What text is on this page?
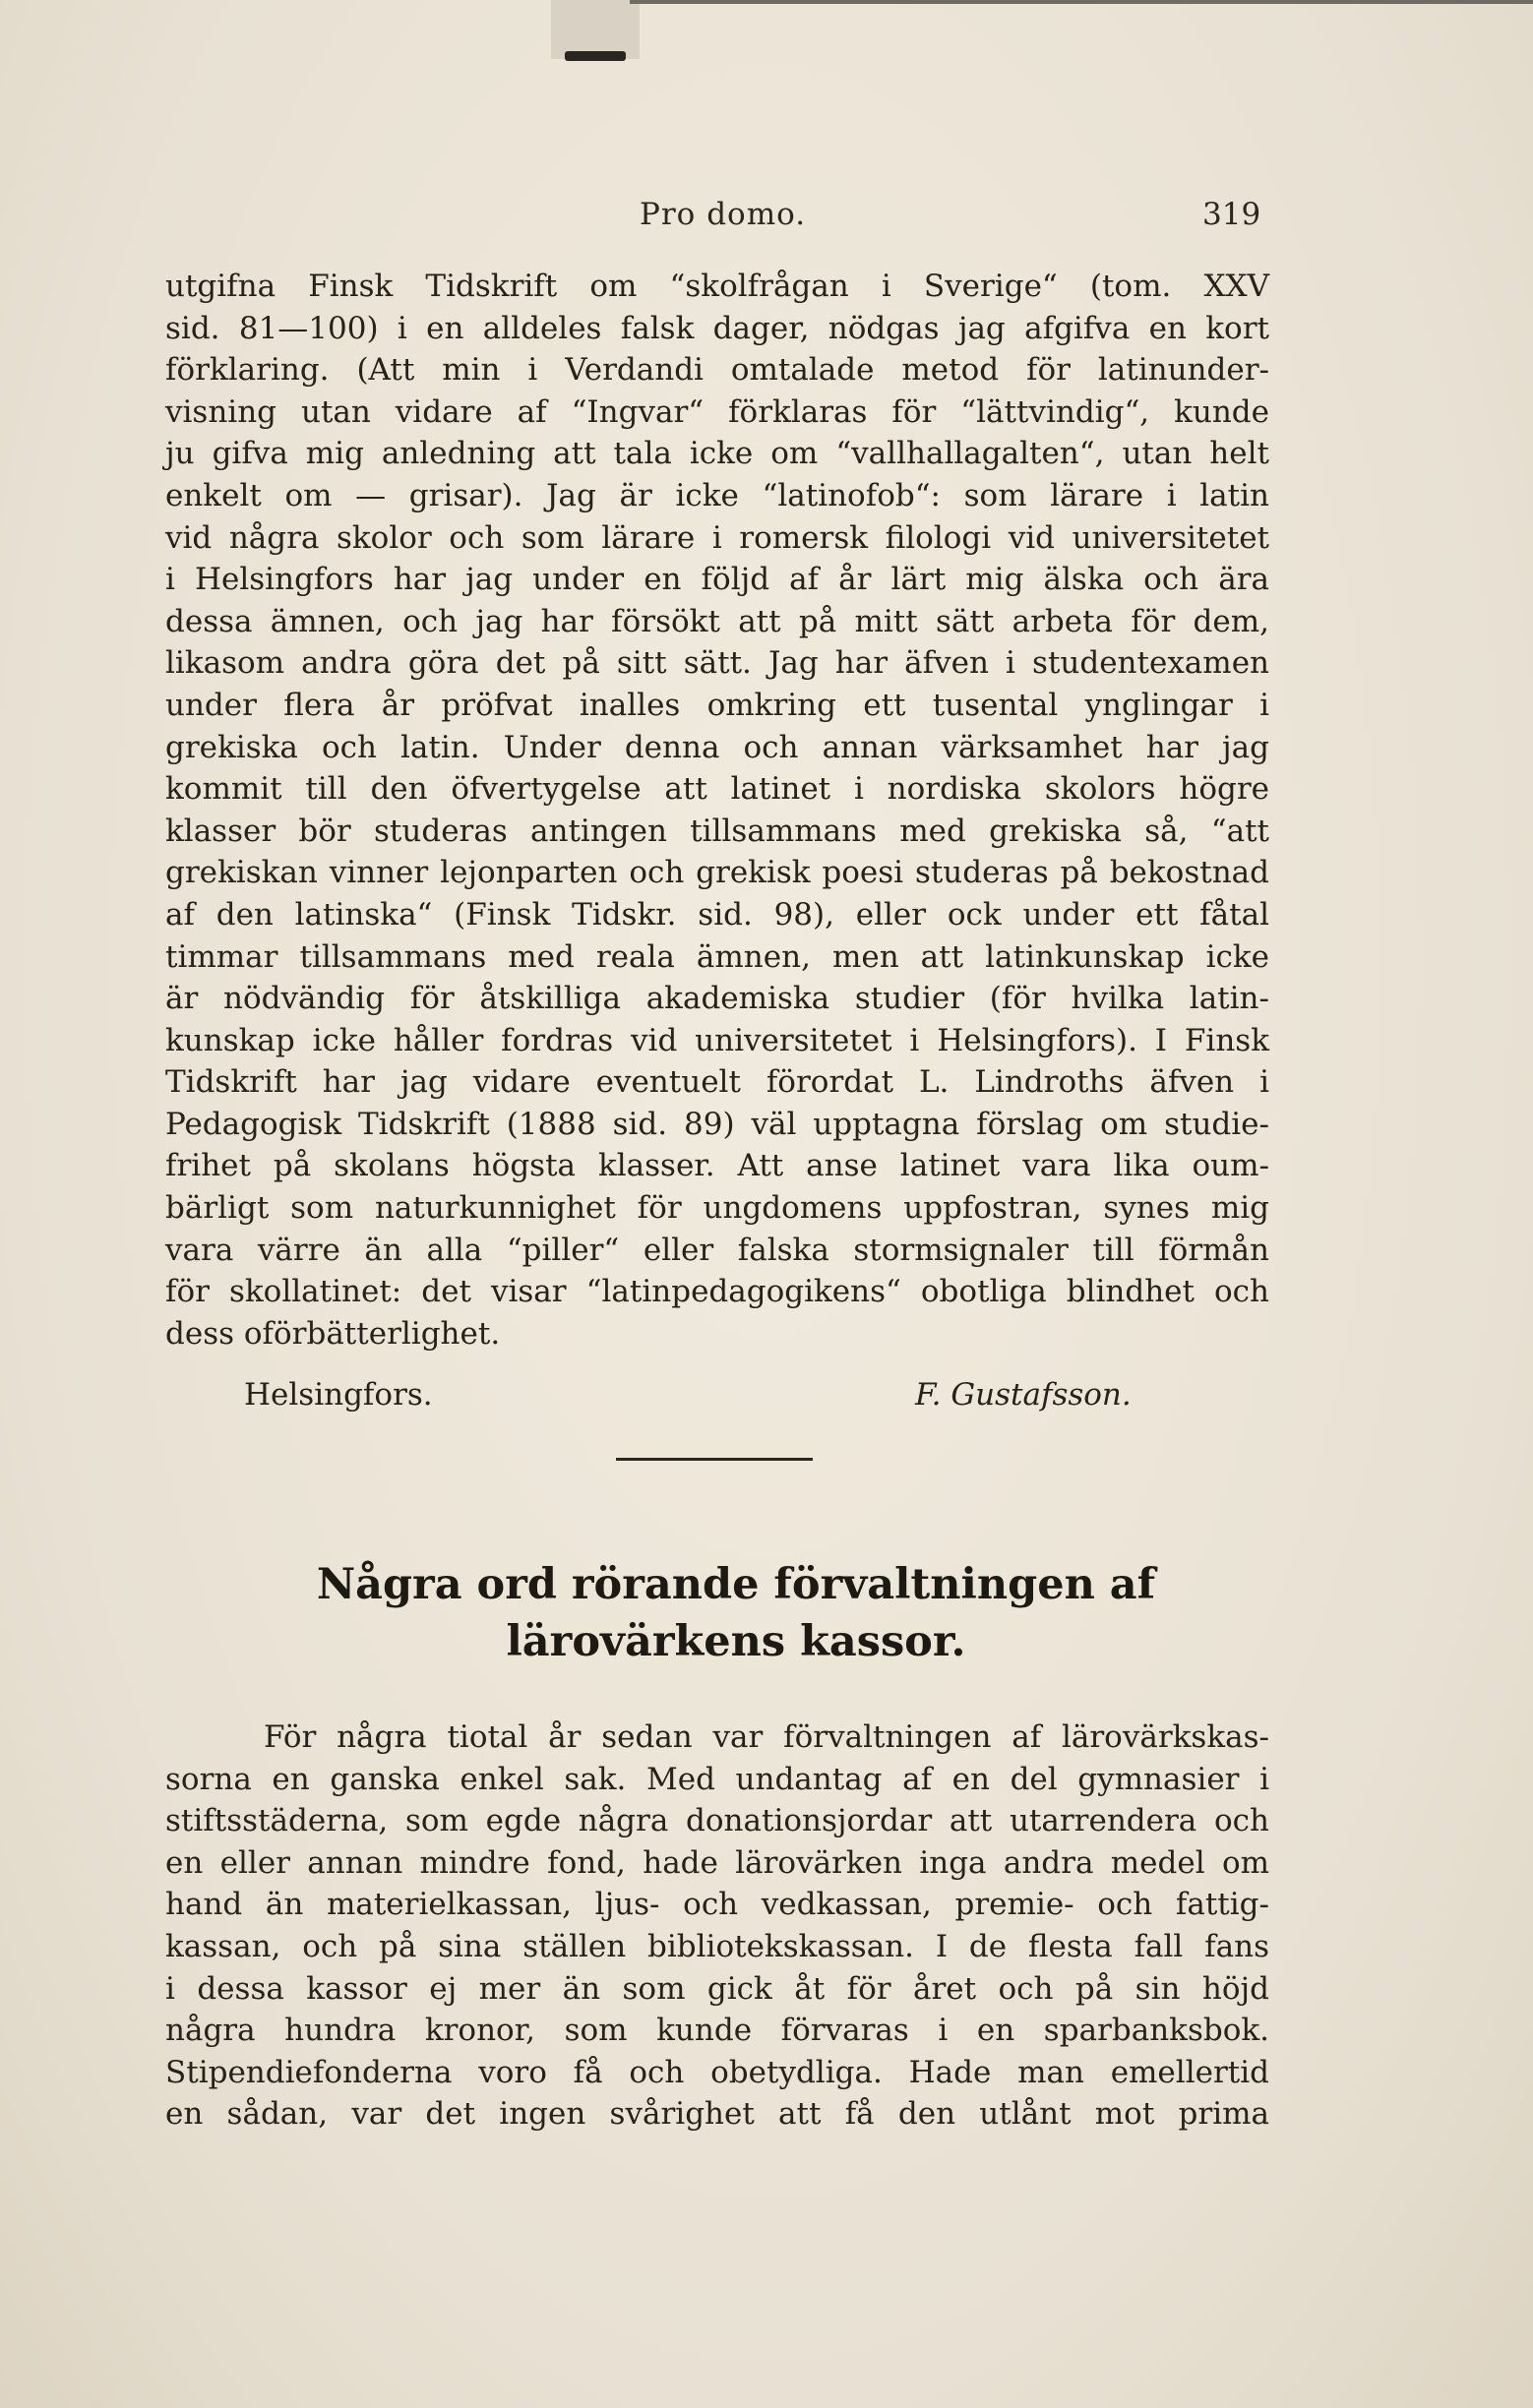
Pro domo.	319
utgifna Finsk Tidskrift om “skolfrågan i Sverige“ (tom. XXV
sid. 81—100) i en alldeles falsk dager, nödgas jag afgifva en kort
förklaring. (Att min i Verdandi omtalade metod för latinunder-
visning utan vidare af “Ingvar“ förklaras för “lättvindig“, kunde
ju gifva mig anledning att tala icke om “vallhallagalten“, utan helt
enkelt om — grisar). Jag är icke “latinofob“: som lärare i latin
vid några skolor och som lärare i romersk filologi vid universitetet
i Helsingfors har jag under en följd af år lärt mig älska och ära
dessa ämnen, och jag har försökt att på mitt sätt arbeta för dem,
likasom andra göra det på sitt sätt. Jag har äfven i studentexamen
under flera år pröfvat inalles omkring ett tusental ynglingar i
grekiska och latin. Under denna och annan värksamhet har jag
kommit till den öfvertygelse att latinet i nordiska skolors högre
klasser bör studeras antingen tillsammans med grekiska så, “att
grekiskan vinner lejonparten och grekisk poesi studeras på bekostnad
af den latinska“ (Finsk Tidskr. sid. 98), eller ock under ett fåtal
timmar tillsammans med reala ämnen, men att latinkunskap icke
är nödvändig för åtskilliga akademiska studier (för hvilka latin-
kunskap icke håller fordras vid universitetet i Helsingfors). I Finsk
Tidskrift har jag vidare eventuelt förordat L. Lindroths äfven i
Pedagogisk Tidskrift (1888 sid. 89) väl upptagna förslag om studie-
frihet på skolans högsta klasser. Att anse latinet vara lika oum-
bärligt som naturkunnighet för ungdomens uppfostran, synes mig
vara värre än alla “piller“ eller falska stormsignaler till förmån
för skollatinet: det visar “latinpedagogikens“ obotliga blindhet och
dess oförbätterlighet.
Helsingfors.	F. Gustafsson.
Några ord rörande förvaltningen af
lärovärkens kassor.
För några tiotal år sedan var förvaltningen af lärovärkskas-
sorna en ganska enkel sak. Med undantag af en del gymnasier i
stiftsstäderna, som egde några donationsjordar att utarrendera och
en eller annan mindre fond, hade lärovärken inga andra medel om
hand än materielkassan, ljus- och vedkassan, premie- och fattig-
kassan, och på sina ställen bibliotekskassan. I de flesta fall fans
i dessa kassor ej mer än som gick åt för året och på sin höjd
några hundra kronor, som kunde förvaras i en sparbanksbok.
Stipendiefonderna voro få och obetydliga. Hade man emellertid
en sådan, var det ingen svårighet att få den utlånt mot prima
